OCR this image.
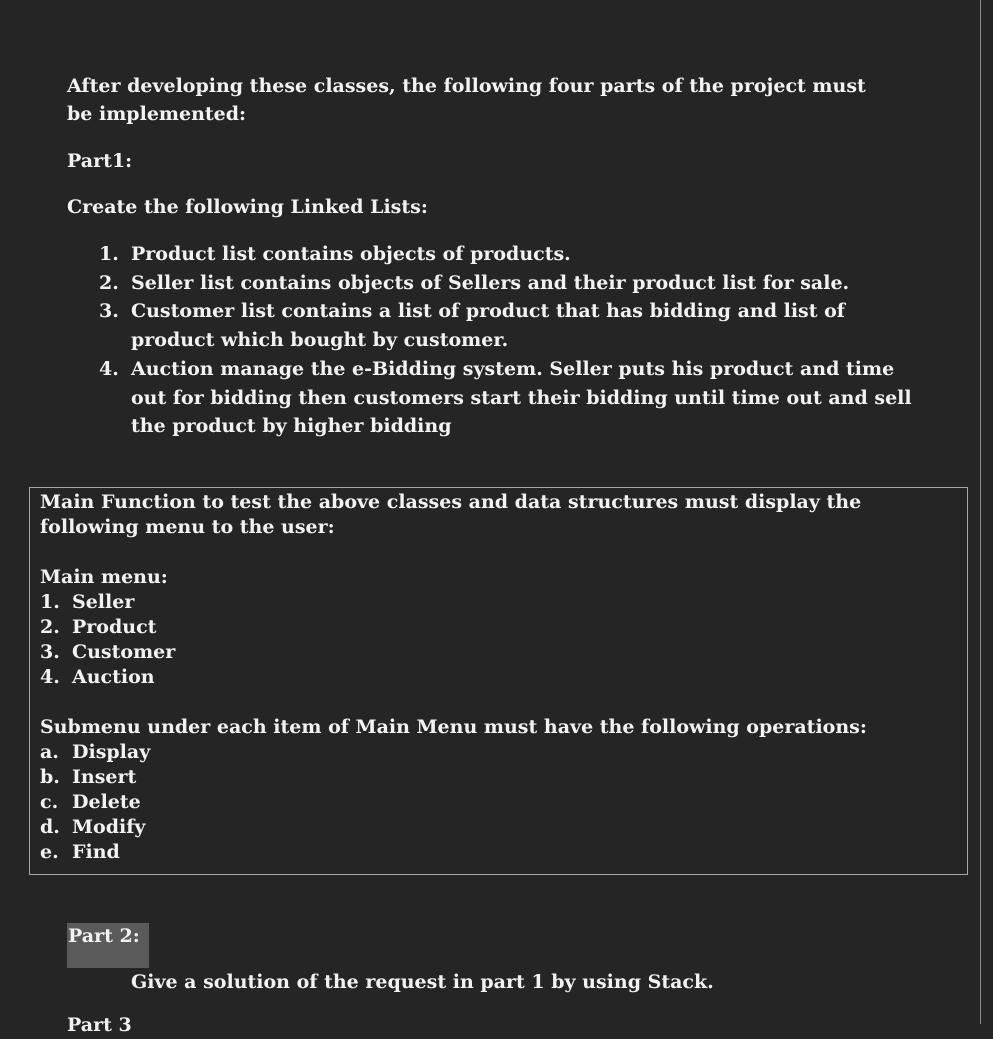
After developing these classes, the following four parts of the project must be implemented:
Part1:
Create the following Linked Lists:
1. Product list contains objects of products.
2. Seller list contains objects of Sellers and their product list for sale.
3. Customer list contains a list of product that has bidding and list of product which bought by customer.
4. Auction manage the e-Bidding system. Seller puts his product and time out for bidding then customers start their bidding until time out and sell the product by higher bidding

Main Function to test the above classes and data structures must display the following menu to the user:

Main menu:

1. Seller
2. Product
3. Customer
4. Auction

Submenu under each item of Main Menu must have the following operations:

a. Display
b. Insert
c. Delete
d. Modify
e. Find
Part 2:
Give a solution of the request in part 1 by using Stack.
Part 3
